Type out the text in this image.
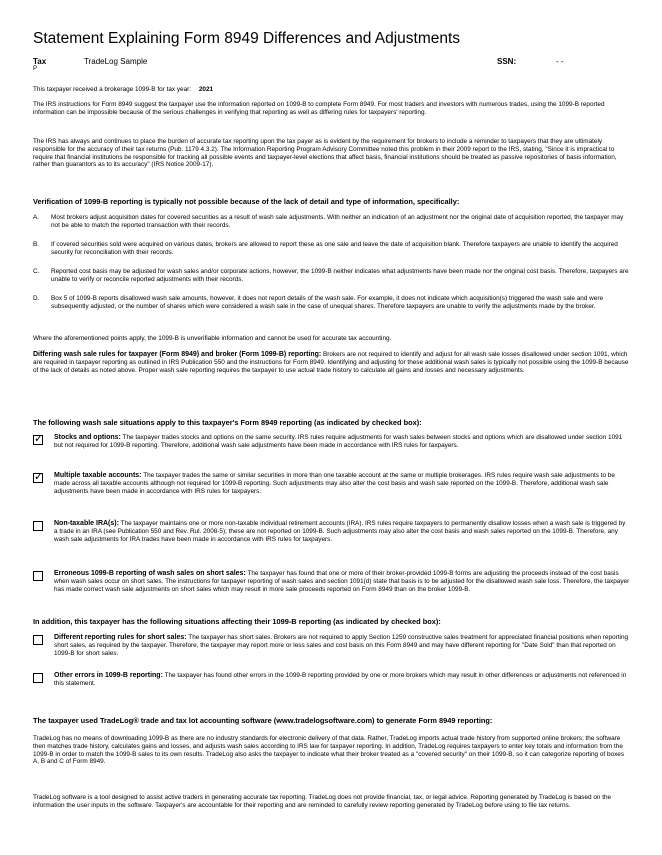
Statement Explaining Form 8949 Differences and Adjustments
Tax
P
TradeLog Sample	SSN:	- -

This taxpayer received a brokerage 1099-B for tax year: 2021

The IRS instructions for Form 8949 suggest the taxpayer use the information reported on 1099-B to complete Form 8949. For most traders and investors with numerous trades, using the 1099-B reported information can be impossible because of the serious challenges in verifying that reporting as well as differing rules for taxpayers' reporting.

The IRS has always and continues to place the burden of accurate tax reporting upon the tax payer as is evident by the requirement for brokers to include a reminder to taxpayers that they are ultimately responsible for the accuracy of their tax returns (Pub. 1179 4.3.2). The Information Reporting Program Advisory Committee noted this problem in their 2009 report to the IRS, stating, "Since it is impractical to require that financial institutions be responsible for tracking all possible events and taxpayer-level elections that affect basis, financial institutions should be treated as passive repositories of basis information, rather than guarantors as to its accuracy" (IRS Notice 2009-17).

Verification of 1099-B reporting is typically not possible because of the lack of detail and type of information, specifically:

A. Most brokers adjust acquisition dates for covered securities as a result of wash sale adjustments. With neither an indication of an adjustment nor the original date of acquisition reported, the taxpayer may not be able to match the reported transaction with their records.
B. If covered securities sold were acquired on various dates, brokers are allowed to report these as one sale and leave the date of acquisition blank. Therefore taxpayers are unable to identify the acquired security for reconciliation with their records.
C. Reported cost basis may be adjusted for wash sales and/or corporate actions, however, the 1099-B neither indicates what adjustments have been made nor the original cost basis. Therefore, taxpayers are unable to verify or reconcile reported adjustments with their records.
D. Box 5 of 1099-B reports disallowed wash sale amounts, however, it does not report details of the wash sale. For example, it does not indicate which acquisition(s) triggered the wash sale and were subsequently adjusted, or the number of shares which were considered a wash sale in the case of unequal shares. Therefore taxpayers are unable to verify the adjustments made by the broker.

Where the aforementioned points apply, the 1099-B is unverifiable information and cannot be used for accurate tax accounting.

Differing wash sale rules for taxpayer (Form 8949) and broker (Form 1099-B) reporting: Brokers are not required to identify and adjust for all wash sale losses disallowed under section 1091, which are required in taxpayer reporting as outlined in IRS Publication 550 and the instructions for Form 8949. Identifying and adjusting for these additional wash sales is typically not possible using the 1099-B because of the lack of details as noted above. Proper wash sale reporting requires the taxpayer to use actual trade history to calculate all gains and losses and necessary adjustments.

The following wash sale situations apply to this taxpayer's Form 8949 reporting (as indicated by checked box):

✓ Stocks and options: The taxpayer trades stocks and options on the same security. IRS rules require adjustments for wash sales between stocks and options which are disallowed under section 1091 but not required for 1099-B reporting. Therefore, additional wash sale adjustments have been made in accordance with IRS rules for taxpayers.
✓ Multiple taxable accounts: The taxpayer trades the same or similar securities in more than one taxable account at the same or multiple brokerages. IRS rules require wash sale adjustments to be made across all taxable accounts although not required for 1099-B reporting. Such adjustments may also alter the cost basis and wash sale reported on the 1099-B. Therefore, additional wash sale adjustments have been made in accordance with IRS rules for taxpayers.
Non-taxable IRA(s): The taxpayer maintains one or more non-taxable individual retirement accounts (IRA). IRS rules require taxpayers to permanently disallow losses when a wash sale is triggered by a trade in an IRA (see Publication 550 and Rev. Rul. 2008-5); these are not reported on 1099-B. Such adjustments may also alter the cost basis and wash sales reported on the 1099-B. Therefore, any wash sale adjustments for IRA trades have been made in accordance with IRS rules for taxpayers.
Erroneous 1099-B reporting of wash sales on short sales: The taxpayer has found that one or more of their broker-provided 1099-B forms are adjusting the proceeds instead of the cost basis when wash sales occur on short sales. The instructions for taxpayer reporting of wash sales and section 1091(d) state that basis is to be adjusted for the disallowed wash sale loss. Therefore, the taxpayer has made correct wash sale adjustments on short sales which may result in more sale proceeds reported on Form 8949 than on the broker 1099-B.

In addition, this taxpayer has the following situations affecting their 1099-B reporting (as indicated by checked box):

Different reporting rules for short sales: The taxpayer has short sales. Brokers are not required to apply Section 1259 constructive sales treatment for appreciated financial positions when reporting short sales, as required by the taxpayer. Therefore, the taxpayer may report more or less sales and cost basis on this Form 8949 and may have different reporting for "Date Sold" than that reported on 1099-B for short sales.
Other errors in 1099-B reporting: The taxpayer has found other errors in the 1099-B reporting provided by one or more brokers which may result in other differences or adjustments not referenced in this statement.

The taxpayer used TradeLog® trade and tax lot accounting software (www.tradelogsoftware.com) to generate Form 8949 reporting:

TradeLog has no means of downloading 1099-B as there are no industry standards for electronic delivery of that data. Rather, TradeLog imports actual trade history from supported online brokers; the software then matches trade history, calculates gains and losses, and adjusts wash sales according to IRS law for taxpayer reporting. In addition, TradeLog requires taxpayers to enter key totals and information from the 1099-B in order to match the 1099-B sales to its own results. TradeLog also asks the taxpayer to indicate what their broker treated as a "covered security" on their 1099-B, so it can categorize reporting of boxes A, B and C of Form 8949.

TradeLog software is a tool designed to assist active traders in generating accurate tax reporting. TradeLog does not provide financial, tax, or legal advice. Reporting generated by TradeLog is based on the information the user inputs in the software. Taxpayer's are accountable for their reporting and are reminded to carefully review reporting generated by TradeLog before using to file tax returns.
